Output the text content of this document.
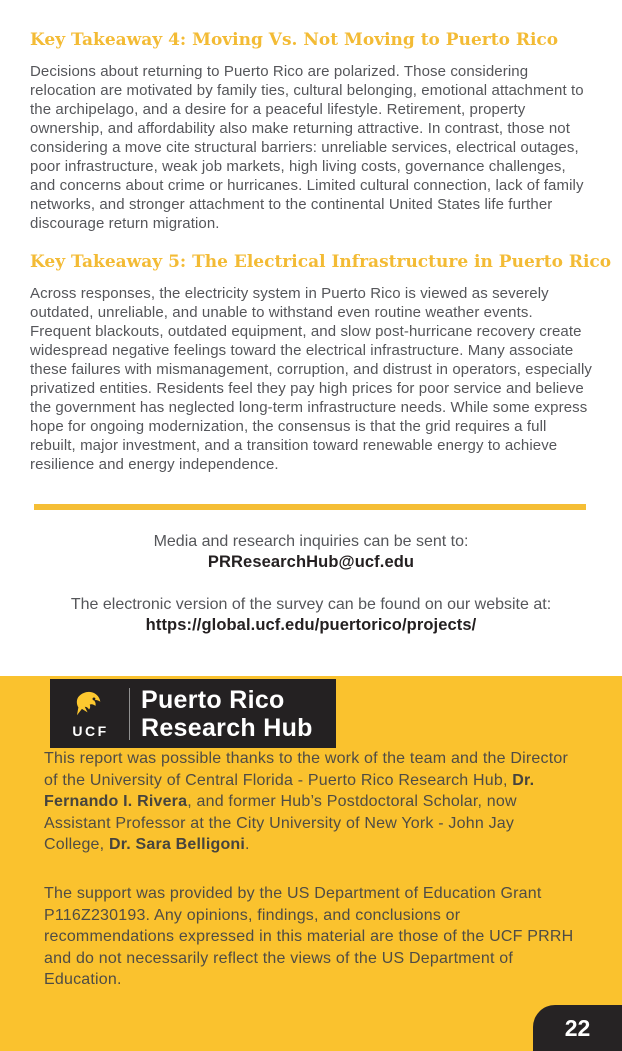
Key Takeaway 4: Moving Vs. Not Moving to Puerto Rico

Decisions about returning to Puerto Rico are polarized. Those considering relocation are motivated by family ties, cultural belonging, emotional attachment to the archipelago, and a desire for a peaceful lifestyle. Retirement, property ownership, and affordability also make returning attractive. In contrast, those not considering a move cite structural barriers: unreliable services, electrical outages, poor infrastructure, weak job markets, high living costs, governance challenges, and concerns about crime or hurricanes. Limited cultural connection, lack of family networks, and stronger attachment to the continental United States life further discourage return migration.

Key Takeaway 5: The Electrical Infrastructure in Puerto Rico

Across responses, the electricity system in Puerto Rico is viewed as severely outdated, unreliable, and unable to withstand even routine weather events. Frequent blackouts, outdated equipment, and slow post-hurricane recovery create widespread negative feelings toward the electrical infrastructure. Many associate these failures with mismanagement, corruption, and distrust in operators, especially privatized entities. Residents feel they pay high prices for poor service and believe the government has neglected long-term infrastructure needs. While some express hope for ongoing modernization, the consensus is that the grid requires a full rebuilt, major investment, and a transition toward renewable energy to achieve resilience and energy independence.

Media and research inquiries can be sent to:

PRResearchHub@ucf.edu

The electronic version of the survey can be found on our website at:

https://global.ucf.edu/puertorico/projects/

UCF
Puerto Rico
Research Hub

This report was possible thanks to the work of the team and the Director of the University of Central Florida - Puerto Rico Research Hub, Dr. Fernando I. Rivera, and former Hub’s Postdoctoral Scholar, now Assistant Professor at the City University of New York - John Jay College, Dr. Sara Belligoni.

The support was provided by the US Department of Education Grant P116Z230193. Any opinions, findings, and conclusions or recommendations expressed in this material are those of the UCF PRRH and do not necessarily reflect the views of the US Department of Education.

22
